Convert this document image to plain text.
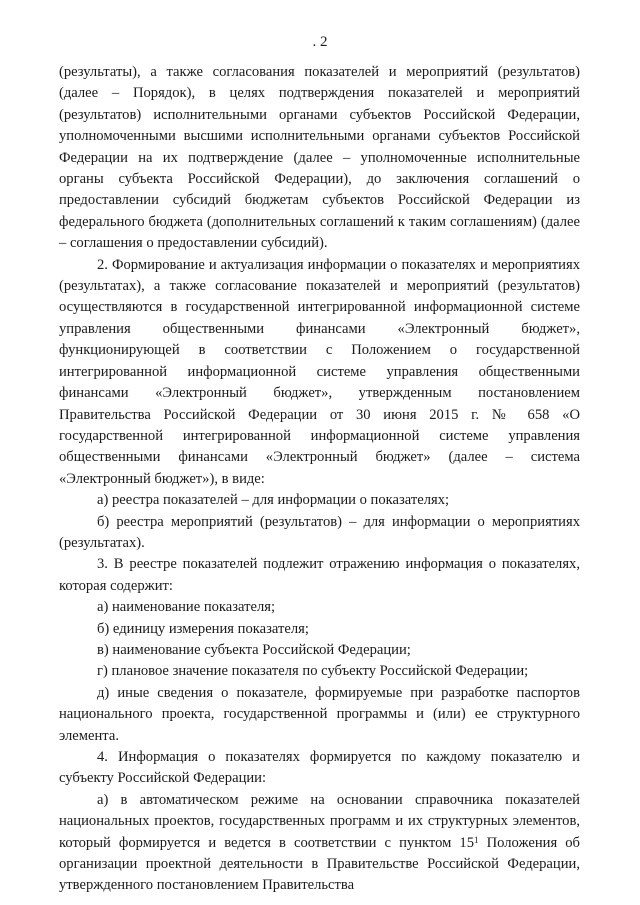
. 2

(результаты), а также согласования показателей и мероприятий (результатов) (далее – Порядок), в целях подтверждения показателей и мероприятий (результатов) исполнительными органами субъектов Российской Федерации, уполномоченными высшими исполнительными органами субъектов Российской Федерации на их подтверждение (далее – уполномоченные исполнительные органы субъекта Российской Федерации), до заключения соглашений о предоставлении субсидий бюджетам субъектов Российской Федерации из федерального бюджета (дополнительных соглашений к таким соглашениям) (далее – соглашения о предоставлении субсидий).

2. Формирование и актуализация информации о показателях и мероприятиях (результатах), а также согласование показателей и мероприятий (результатов) осуществляются в государственной интегрированной информационной системе управления общественными финансами «Электронный бюджет», функционирующей в соответствии с Положением о государственной интегрированной информационной системе управления общественными финансами «Электронный бюджет», утвержденным постановлением Правительства Российской Федерации от 30 июня 2015 г. № 658 «О государственной интегрированной информационной системе управления общественными финансами «Электронный бюджет» (далее – система «Электронный бюджет»), в виде:

а) реестра показателей – для информации о показателях;

б) реестра мероприятий (результатов) – для информации о мероприятиях (результатах).

3. В реестре показателей подлежит отражению информация о показателях, которая содержит:

а) наименование показателя;

б) единицу измерения показателя;

в) наименование субъекта Российской Федерации;

г) плановое значение показателя по субъекту Российской Федерации;

д) иные сведения о показателе, формируемые при разработке паспортов национального проекта, государственной программы и (или) ее структурного элемента.

4. Информация о показателях формируется по каждому показателю и субъекту Российской Федерации:

а) в автоматическом режиме на основании справочника показателей национальных проектов, государственных программ и их структурных элементов, который формируется и ведется в соответствии с пунктом $15^1$ Положения об организации проектной деятельности в Правительстве Российской Федерации, утвержденного постановлением Правительства
